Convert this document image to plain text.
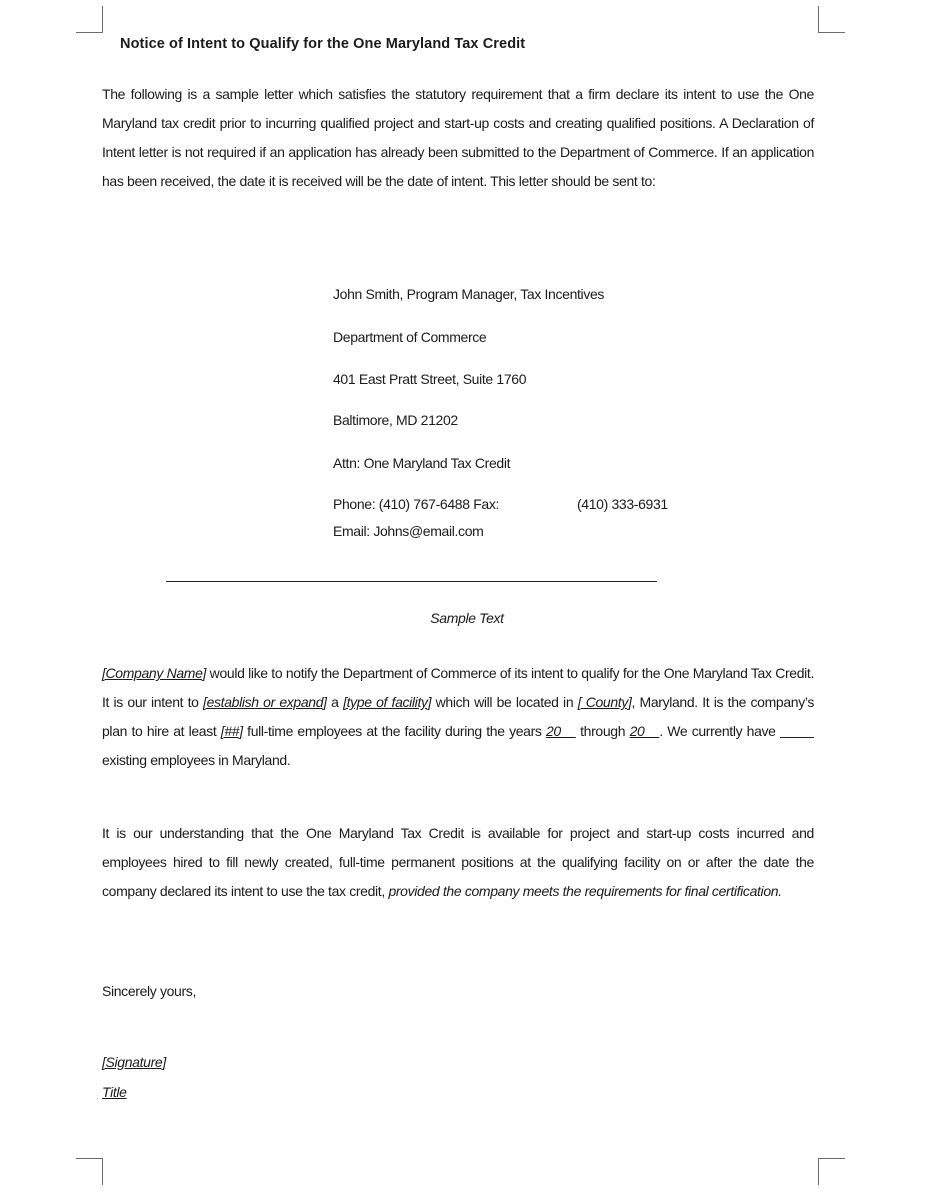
Notice of Intent to Qualify for the One Maryland Tax Credit

The following is a sample letter which satisfies the statutory requirement that a firm declare its intent to use the One Maryland tax credit prior to incurring qualified project and start-up costs and creating qualified positions. A Declaration of Intent letter is not required if an application has already been submitted to the Department of Commerce. If an application has been received, the date it is received will be the date of intent. This letter should be sent to:

John Smith, Program Manager, Tax Incentives
Department of Commerce
401 East Pratt Street, Suite 1760
Baltimore, MD 21202
Attn: One Maryland Tax Credit
Phone: (410) 767-6488 Fax:	(410) 333-6931
Email: Johns@email.com
Sample Text

[Company Name] would like to notify the Department of Commerce of its intent to qualify for the One Maryland Tax Credit. It is our intent to [establish or expand] a [type of facility] which will be located in [ County], Maryland. It is the company’s plan to hire at least [##] full-time employees at the facility during the years 20__ through 20__. We currently have  existing employees in Maryland.

It is our understanding that the One Maryland Tax Credit is available for project and start-up costs incurred and employees hired to fill newly created, full-time permanent positions at the qualifying facility on or after the date the company declared its intent to use the tax credit, provided the company meets the requirements for final certification.

Sincerely yours,
[Signature]
Title
